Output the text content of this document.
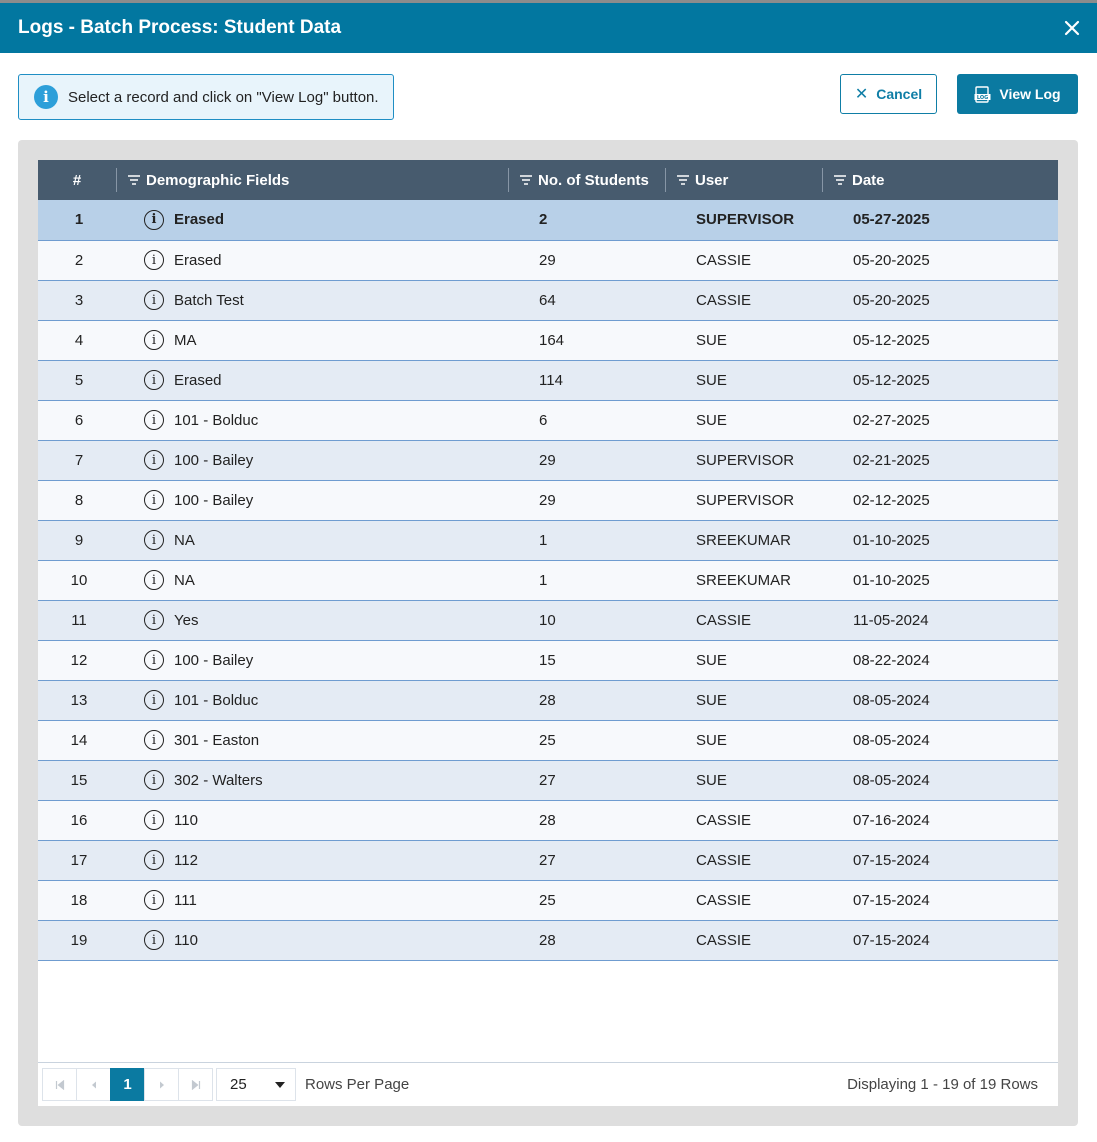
Logs - Batch Process: Student Data
i	Select a record and click on "View Log" button.	✕ Cancel	LOG View Log
#	Demographic Fields	No. of Students	User	Date

1	i Erased	2	SUPERVISOR	05-27-2025
2	i Erased	29	CASSIE	05-20-2025
3	i Batch Test	64	CASSIE	05-20-2025
4	i MA	164	SUE	05-12-2025
5	i Erased	114	SUE	05-12-2025
6	i 101 - Bolduc	6	SUE	02-27-2025
7	i 100 - Bailey	29	SUPERVISOR	02-21-2025
8	i 100 - Bailey	29	SUPERVISOR	02-12-2025
9	i NA	1	SREEKUMAR	01-10-2025
10	i NA	1	SREEKUMAR	01-10-2025
11	i Yes	10	CASSIE	11-05-2024
12	i 100 - Bailey	15	SUE	08-22-2024
13	i 101 - Bolduc	28	SUE	08-05-2024
14	i 301 - Easton	25	SUE	08-05-2024
15	i 302 - Walters	27	SUE	08-05-2024
16	i 110	28	CASSIE	07-16-2024
17	i 112	27	CASSIE	07-15-2024
18	i 111	25	CASSIE	07-15-2024
19	i 110	28	CASSIE	07-15-2024
1	25	Rows Per Page	Displaying 1 - 19 of 19 Rows
